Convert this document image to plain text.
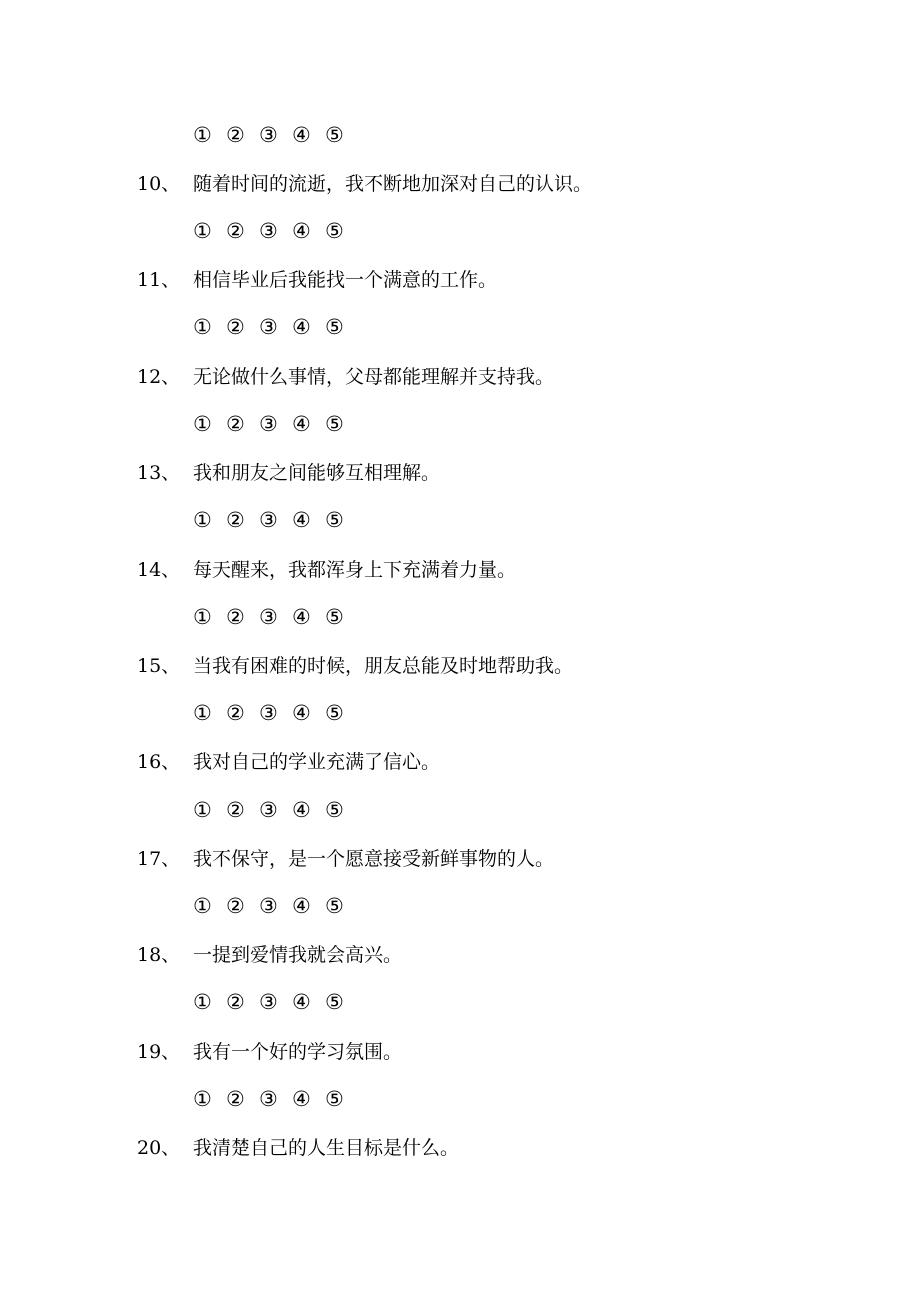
① ② ③ ④ ⑤
10、 随着时间的流逝，我不断地加深对自己的认识。
① ② ③ ④ ⑤
11、 相信毕业后我能找一个满意的工作。
① ② ③ ④ ⑤
12、 无论做什么事情，父母都能理解并支持我。
① ② ③ ④ ⑤
13、 我和朋友之间能够互相理解。
① ② ③ ④ ⑤
14、 每天醒来，我都浑身上下充满着力量。
① ② ③ ④ ⑤
15、 当我有困难的时候，朋友总能及时地帮助我。
① ② ③ ④ ⑤
16、 我对自己的学业充满了信心。
① ② ③ ④ ⑤
17、 我不保守，是一个愿意接受新鲜事物的人。
① ② ③ ④ ⑤
18、 一提到爱情我就会高兴。
① ② ③ ④ ⑤
19、 我有一个好的学习氛围。
① ② ③ ④ ⑤
20、 我清楚自己的人生目标是什么。
